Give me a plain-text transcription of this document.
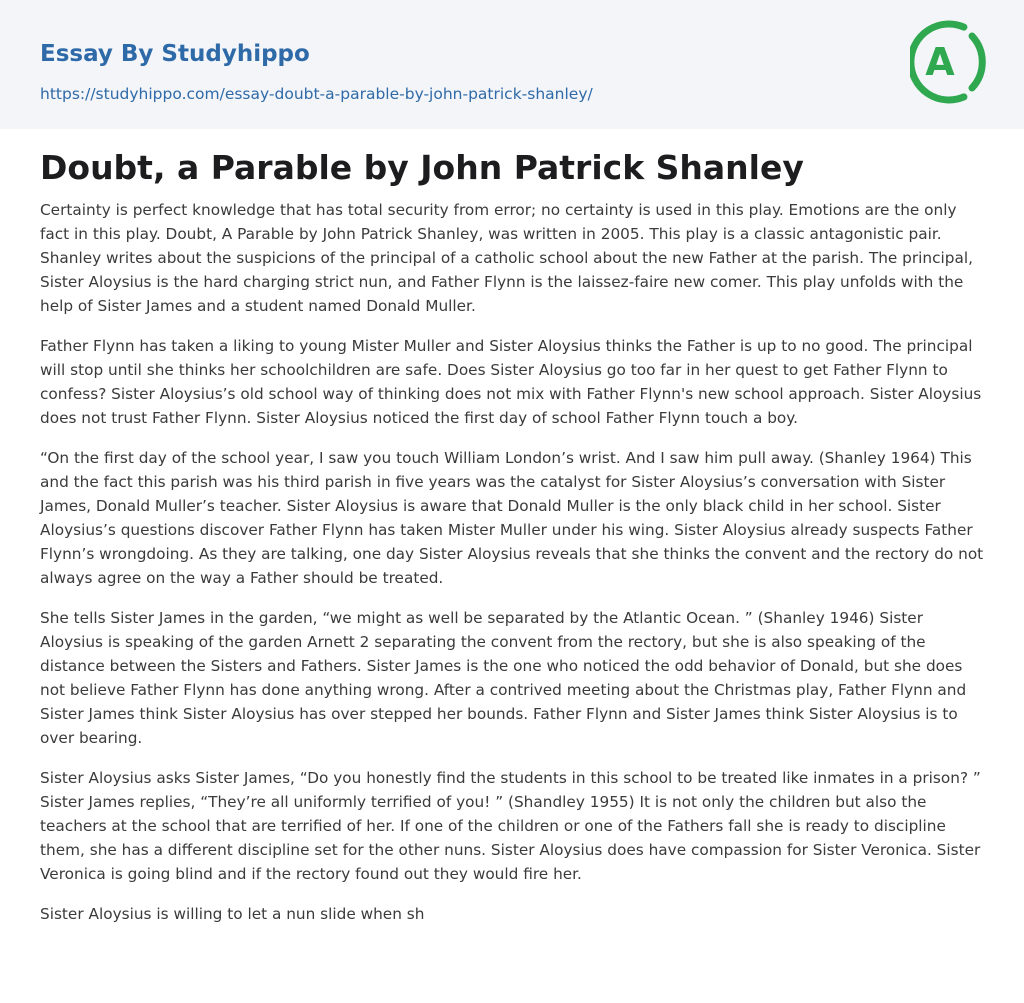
Essay By Studyhippo
https://studyhippo.com/essay-doubt-a-parable-by-john-patrick-shanley/
A
Doubt, a Parable by John Patrick Shanley

Certainty is perfect knowledge that has total security from error; no certainty is used in this play. Emotions are the only fact in this play. Doubt, A Parable by John Patrick Shanley, was written in 2005. This play is a classic antagonistic pair. Shanley writes about the suspicions of the principal of a catholic school about the new Father at the parish. The principal, Sister Aloysius is the hard charging strict nun, and Father Flynn is the laissez-faire new comer. This play unfolds with the help of Sister James and a student named Donald Muller.

Father Flynn has taken a liking to young Mister Muller and Sister Aloysius thinks the Father is up to no good. The principal will stop until she thinks her schoolchildren are safe. Does Sister Aloysius go too far in her quest to get Father Flynn to confess? Sister Aloysius’s old school way of thinking does not mix with Father Flynn's new school approach. Sister Aloysius does not trust Father Flynn. Sister Aloysius noticed the first day of school Father Flynn touch a boy.

“On the first day of the school year, I saw you touch William London’s wrist. And I saw him pull away. (Shanley 1964) This and the fact this parish was his third parish in five years was the catalyst for Sister Aloysius’s conversation with Sister James, Donald Muller’s teacher. Sister Aloysius is aware that Donald Muller is the only black child in her school. Sister Aloysius’s questions discover Father Flynn has taken Mister Muller under his wing. Sister Aloysius already suspects Father Flynn’s wrongdoing. As they are talking, one day Sister Aloysius reveals that she thinks the convent and the rectory do not always agree on the way a Father should be treated.

She tells Sister James in the garden, “we might as well be separated by the Atlantic Ocean. ” (Shanley 1946) Sister Aloysius is speaking of the garden Arnett 2 separating the convent from the rectory, but she is also speaking of the distance between the Sisters and Fathers. Sister James is the one who noticed the odd behavior of Donald, but she does not believe Father Flynn has done anything wrong. After a contrived meeting about the Christmas play, Father Flynn and Sister James think Sister Aloysius has over stepped her bounds. Father Flynn and Sister James think Sister Aloysius is to over bearing.

Sister Aloysius asks Sister James, “Do you honestly find the students in this school to be treated like inmates in a prison? ” Sister James replies, “They’re all uniformly terrified of you! ” (Shandley 1955) It is not only the children but also the teachers at the school that are terrified of her. If one of the children or one of the Fathers fall she is ready to discipline them, she has a different discipline set for the other nuns. Sister Aloysius does have compassion for Sister Veronica. Sister Veronica is going blind and if the rectory found out they would fire her.

Sister Aloysius is willing to let a nun slide when sh
